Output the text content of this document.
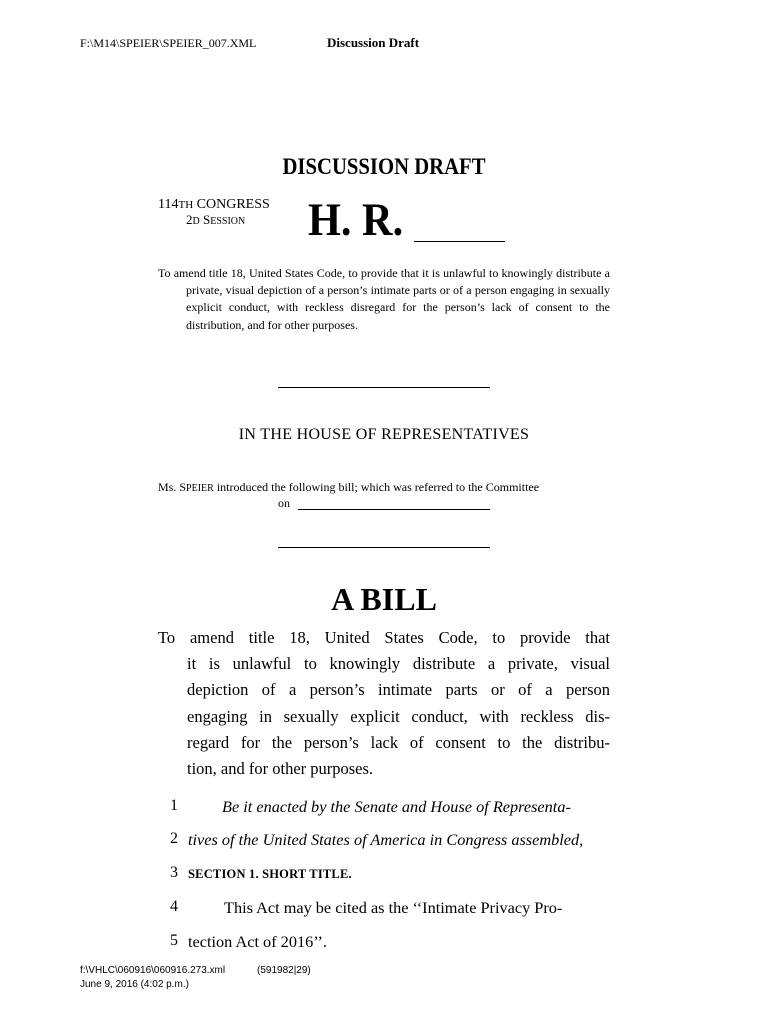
F:\M14\SPEIER\SPEIER_007.XML	Discussion Draft
DISCUSSION DRAFT
114TH CONGRESS
2D SESSION H. R.
To amend title 18, United States Code, to provide that it is unlawful to knowingly distribute a private, visual depiction of a person’s intimate parts or of a person engaging in sexually explicit conduct, with reckless disregard for the person’s lack of consent to the distribution, and for other purposes.
IN THE HOUSE OF REPRESENTATIVES
Ms. SPEIER introduced the following bill; which was referred to the Committee
on
A BILL
To amend title 18, United States Code, to provide that
it is unlawful to knowingly distribute a private, visual
depiction of a person’s intimate parts or of a person
engaging in sexually explicit conduct, with reckless dis-
regard for the person’s lack of consent to the distribu-
tion, and for other purposes.
1	Be it enacted by the Senate and House of Representa-
2 tives of the United States of America in Congress assembled,
3 SECTION 1. SHORT TITLE.
4	This Act may be cited as the ‘‘Intimate Privacy Pro-
5 tection Act of 2016’’.
f:\VHLC\060916\060916.273.xml	(591982|29)
June 9, 2016 (4:02 p.m.)
